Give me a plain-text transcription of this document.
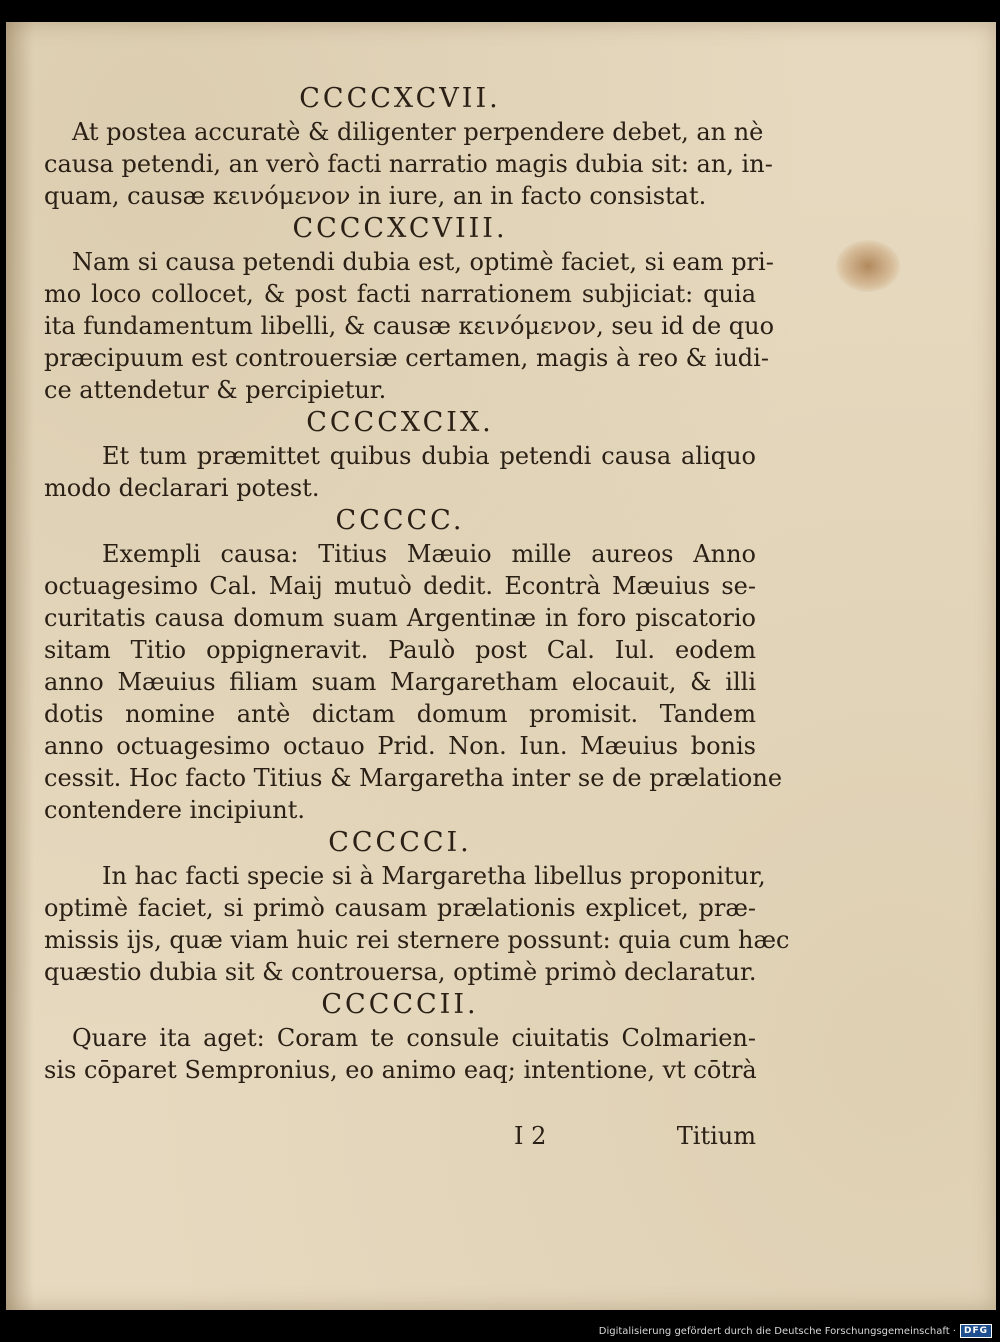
CCCCXCVII.
At postea accuratè & diligenter perpendere debet, an nè
causa petendi, an verò facti narratio magis dubia sit: an, in-
quam, causæ κεινόμενον in iure, an in facto consistat.
CCCCXCVIII.
Nam si causa petendi dubia est, optimè faciet, si eam pri-
mo loco collocet, & post facti narrationem subjiciat: quia
ita fundamentum libelli, & causæ κεινόμενον, seu id de quo
præcipuum est controuersiæ certamen, magis à reo & iudi-
ce attendetur & percipietur.
CCCCXCIX.
Et tum præmittet quibus dubia petendi causa aliquo
modo declarari potest.
CCCCC.
Exempli causa: Titius Mæuio mille aureos Anno
octuagesimo Cal. Maij mutuò dedit. Econtrà Mæuius se-
curitatis causa domum suam Argentinæ in foro piscatorio
sitam Titio oppigneravit. Paulò post Cal. Iul. eodem
anno Mæuius filiam suam Margaretham elocauit, & illi
dotis nomine antè dictam domum promisit. Tandem
anno octuagesimo octauo Prid. Non. Iun. Mæuius bonis
cessit. Hoc facto Titius & Margaretha inter se de prælatione
contendere incipiunt.
CCCCCI.
In hac facti specie si à Margaretha libellus proponitur,
optimè faciet, si primò causam prælationis explicet, præ-
missis ijs, quæ viam huic rei sternere possunt: quia cum hæc
quæstio dubia sit & controuersa, optimè primò declaratur.
CCCCCII.
Quare ita aget: Coram te consule ciuitatis Colmarien-
sis cōparet Sempronius, eo animo eaq; intentione, vt cōtrà
I 2	Titium
Digitalisierung gefördert durch die Deutsche Forschungsgemeinschaft · DFG
